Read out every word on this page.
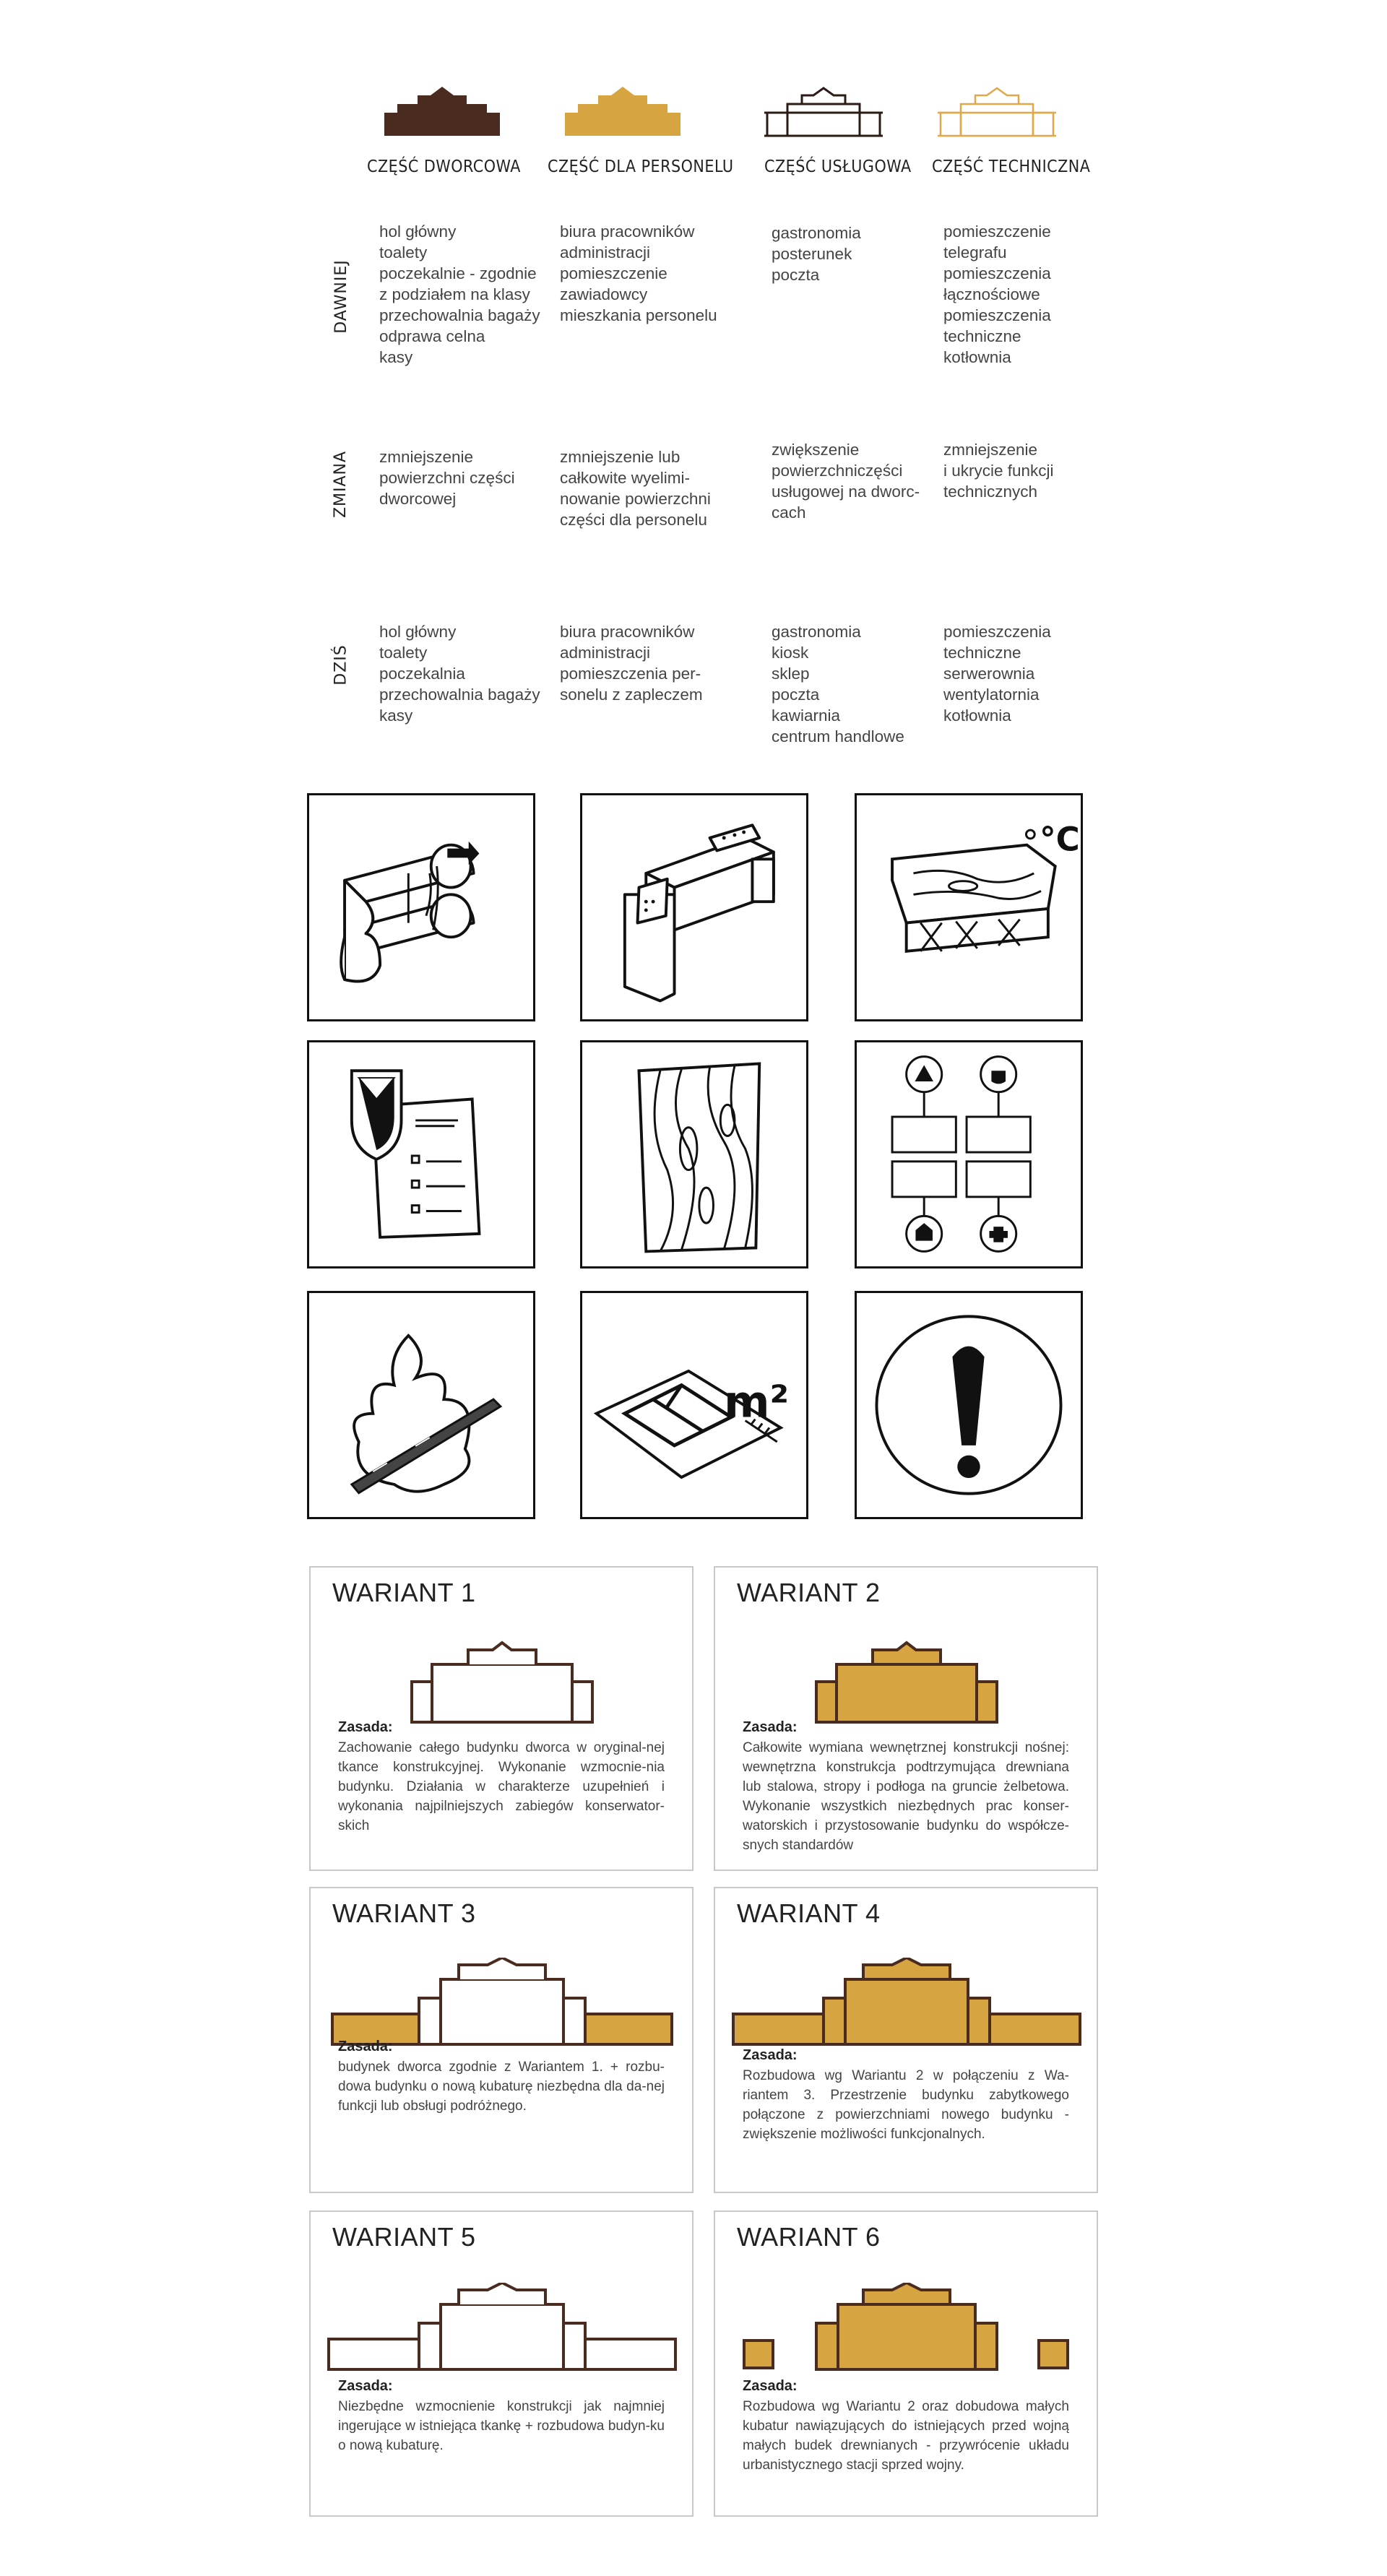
CZĘŚĆ DWORCOWA CZĘŚĆ DLA PERSONELU CZĘŚĆ USŁUGOWA CZĘŚĆ TECHNICZNA
DAWNIEJ
ZMIANA
DZIŚ
hol główny
toalety
poczekalnie - zgodnie
z podziałem na klasy
przechowalnia bagaży
odprawa celna
kasy
biura pracowników
administracji
pomieszczenie
zawiadowcy
mieszkania personelu
gastronomia
posterunek
poczta
pomieszczenie
telegrafu
pomieszczenia
łącznościowe
pomieszczenia
techniczne
kotłownia
zmniejszenie
powierzchni części
dworcowej
zmniejszenie lub
całkowite wyelimi-
nowanie powierzchni
części dla personelu
zwiększenie
powierzchniczęści
usługowej na dworc-
cach
zmniejszenie
i ukrycie funkcji
technicznych
hol główny
toalety
poczekalnia
przechowalnia bagaży
kasy
biura pracowników
administracji
pomieszczenia per-
sonelu z zapleczem
gastronomia
kiosk
sklep
poczta
kawiarnia
centrum handlowe
pomieszczenia
techniczne
serwerownia
wentylatornia
kotłownia
°C
m²
WARIANT 1
Zasada:
Zachowanie całego budynku dworca w oryginal-nej tkance konstrukcyjnej. Wykonanie wzmocnie-nia budynku. Działania w charakterze uzupełnień i wykonania najpilniejszych zabiegów konserwator-skich
WARIANT 2
Zasada:
Całkowite wymiana wewnętrznej konstrukcji nośnej: wewnętrzna konstrukcja podtrzymująca drewniana lub stalowa, stropy i podłoga na gruncie żelbetowa. Wykonanie wszystkich niezbędnych prac konser-watorskich i przystosowanie budynku do współcze-snych standardów
WARIANT 3
Zasada:
budynek dworca zgodnie z Wariantem 1. + rozbu-dowa budynku o nową kubaturę niezbędna dla da-nej funkcji lub obsługi podróżnego.
WARIANT 4
Zasada:
Rozbudowa wg Wariantu 2 w połączeniu z Wa-riantem 3. Przestrzenie budynku zabytkowego połączone z powierzchniami nowego budynku - zwiększenie możliwości funkcjonalnych.
WARIANT 5
Zasada:
Niezbędne wzmocnienie konstrukcji jak najmniej ingerujące w istniejąca tkankę + rozbudowa budyn-ku o nową kubaturę.
WARIANT 6
Zasada:
Rozbudowa wg Wariantu 2 oraz dobudowa małych kubatur nawiązujących do istniejących przed wojną małych budek drewnianych - przywrócenie układu urbanistycznego stacji sprzed wojny.
